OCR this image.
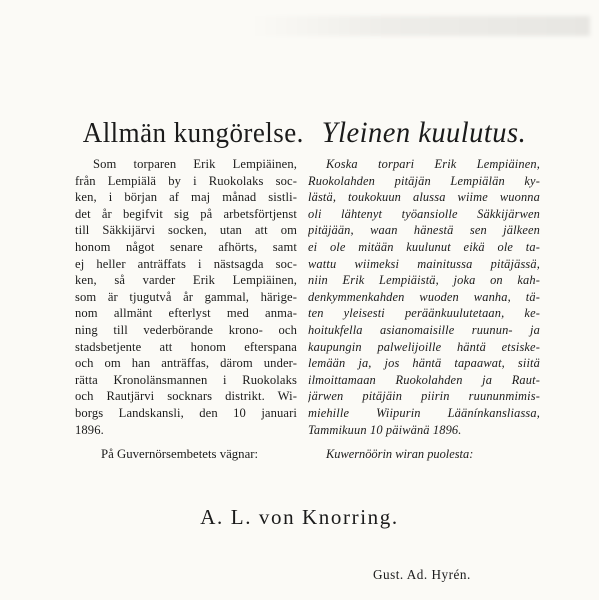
Allmän kungörelse.
Som torparen Erik Lempiäinen,
från Lempiälä by i Ruokolaks soc-
ken, i början af maj månad sistli-
det år begifvit sig på arbetsförtjenst
till Säkkijärvi socken, utan att om
honom något senare afhörts, samt
ej heller anträffats i nästsagda soc-
ken, så varder Erik Lempiäinen,
som är tjugutvå år gammal, härige-
nom allmänt efterlyst med anma-
ning till vederbörande krono- och
stadsbetjente att honom efterspana
och om han anträffas, därom under-
rätta Kronolänsmannen i Ruokolaks
och Rautjärvi socknars distrikt. Wi-
borgs Landskansli, den 10 januari
1896.
På Guvernörsembetets vägnar:
Yleinen kuulutus.
Koska torpari Erik Lempiäinen,
Ruokolahden pitäjän Lempiälän ky-
lästä, toukokuun alussa wiime wuonna
oli lähtenyt työansiolle Säkkijärwen
pitäjään, waan hänestä sen jälkeen
ei ole mitään kuulunut eikä ole ta-
wattu wiimeksi mainitussa pitäjässä,
niin Erik Lempiäistä, joka on kah-
denkymmenkahden wuoden wanha, tä-
ten yleisesti peräänkuulutetaan, ke-
hoitukfella asianomaisille ruunun- ja
kaupungin palwelijoille häntä etsiske-
lemään ja, jos häntä tapaawat, siitä
ilmoittamaan Ruokolahden ja Raut-
järwen pitäjäin piirin ruununmimis-
miehille Wiipurin Läänínkansliassa,
Tammikuun 10 päiwänä 1896.
Kuwernöörin wiran puolesta:
A. L. von Knorring.
Gust. Ad. Hyrén.
